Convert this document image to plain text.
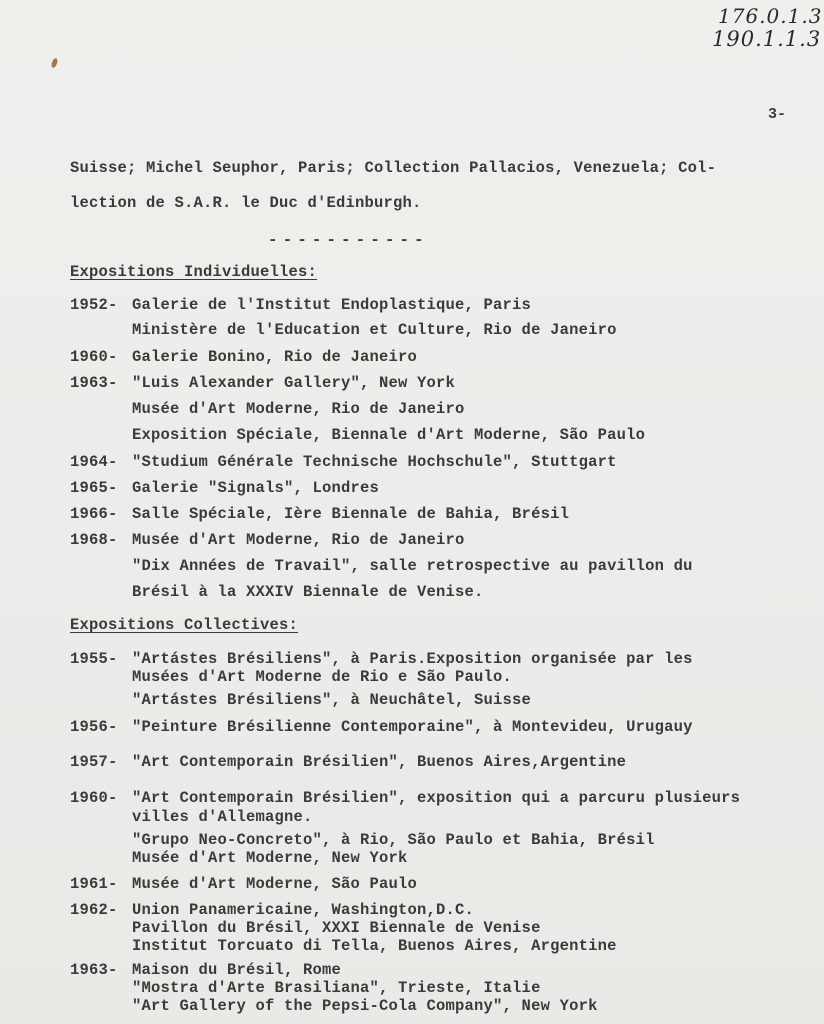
176.0.1.3
190.1.1.3
3-
Suisse; Michel Seuphor, Paris; Collection Pallacios, Venezuela; Col-
lection de S.A.R. le Duc d'Edinburgh.
-----------
Expositions Individuelles:
1952- Galerie de l'Institut Endoplastique, Paris
Ministère de l'Education et Culture, Rio de Janeiro
1960- Galerie Bonino, Rio de Janeiro
1963- "Luis Alexander Gallery", New York
Musée d'Art Moderne, Rio de Janeiro
Exposition Spéciale, Biennale d'Art Moderne, São Paulo
1964- "Studium Générale Technische Hochschule", Stuttgart
1965- Galerie "Signals", Londres
1966- Salle Spéciale, Ière Biennale de Bahia, Brésil
1968- Musée d'Art Moderne, Rio de Janeiro
"Dix Années de Travail", salle retrospective au pavillon du
Brésil à la XXXIV Biennale de Venise.
Expositions Collectives:
1955- "Artástes Brésiliens", à Paris.Exposition organisée par les
Musées d'Art Moderne de Rio e São Paulo.
"Artástes Brésiliens", à Neuchâtel, Suisse
1956- "Peinture Brésilienne Contemporaine", à Montevideu, Urugauy
1957- "Art Contemporain Brésilien", Buenos Aires,Argentine
1960- "Art Contemporain Brésilien", exposition qui a parcuru plusieurs
villes d'Allemagne.
"Grupo Neo-Concreto", à Rio, São Paulo et Bahia, Brésil
Musée d'Art Moderne, New York
1961- Musée d'Art Moderne, São Paulo
1962- Union Panamericaine, Washington,D.C.
Pavillon du Brésil, XXXI Biennale de Venise
Institut Torcuato di Tella, Buenos Aires, Argentine
1963- Maison du Brésil, Rome
"Mostra d'Arte Brasiliana", Trieste, Italie
"Art Gallery of the Pepsi-Cola Company", New York
